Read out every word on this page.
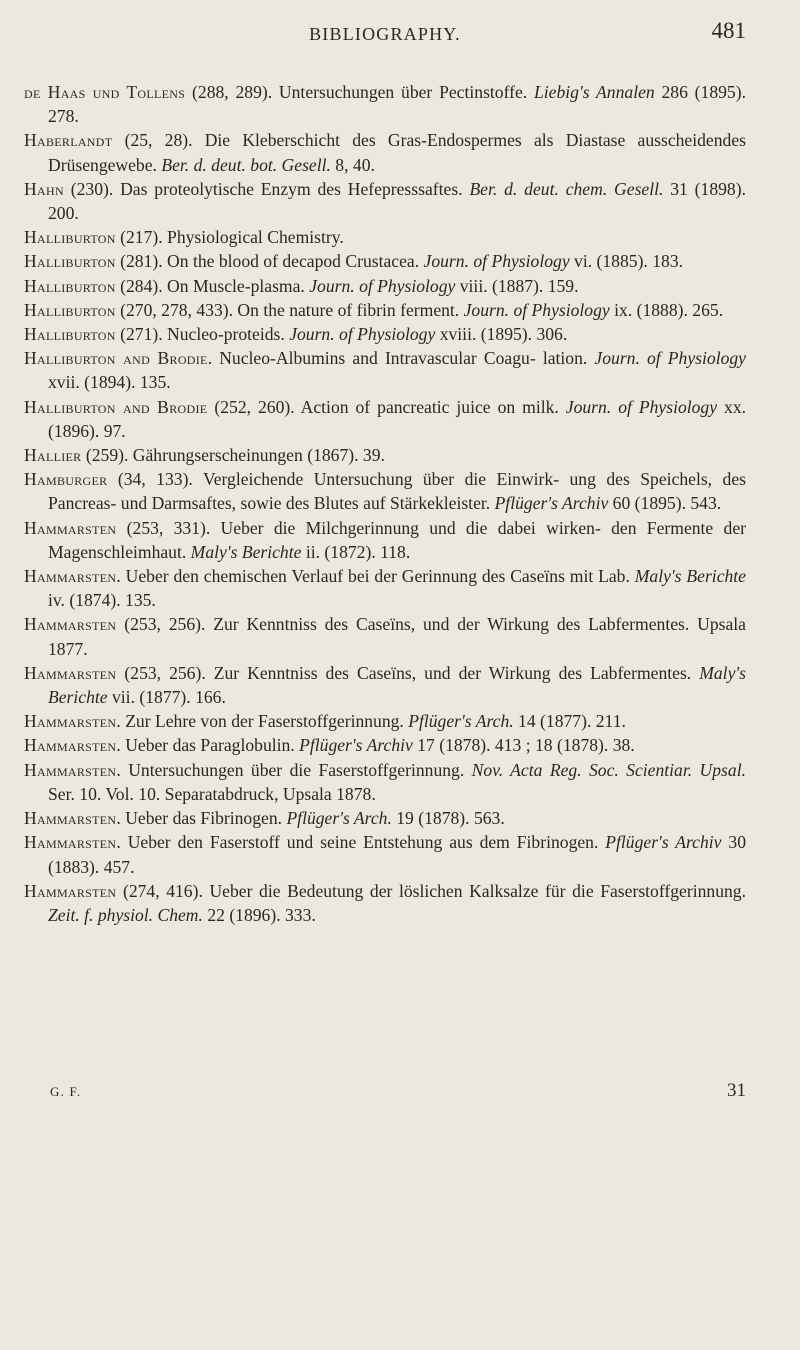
BIBLIOGRAPHY.	481

de Haas und Tollens (288, 289). Untersuchungen über Pectinstoffe. Liebig's Annalen 286 (1895). 278.

Haberlandt (25, 28). Die Kleberschicht des Gras-Endospermes als Diastase ausscheidendes Drüsengewebe. Ber. d. deut. bot. Gesell. 8, 40.

Hahn (230). Das proteolytische Enzym des Hefepresssaftes. Ber. d. deut. chem. Gesell. 31 (1898). 200.

Halliburton (217). Physiological Chemistry.

Halliburton (281). On the blood of decapod Crustacea. Journ. of Physiology vi. (1885). 183.

Halliburton (284). On Muscle-plasma. Journ. of Physiology viii. (1887). 159.

Halliburton (270, 278, 433). On the nature of fibrin ferment. Journ. of Physiology ix. (1888). 265.

Halliburton (271). Nucleo-proteids. Journ. of Physiology xviii. (1895). 306.

Halliburton and Brodie. Nucleo-Albumins and Intravascular Coagu- lation. Journ. of Physiology xvii. (1894). 135.

Halliburton and Brodie (252, 260). Action of pancreatic juice on milk. Journ. of Physiology xx. (1896). 97.

Hallier (259). Gährungserscheinungen (1867). 39.

Hamburger (34, 133). Vergleichende Untersuchung über die Einwirk- ung des Speichels, des Pancreas- und Darmsaftes, sowie des Blutes auf Stärkekleister. Pflüger's Archiv 60 (1895). 543.

Hammarsten (253, 331). Ueber die Milchgerinnung und die dabei wirken- den Fermente der Magenschleimhaut. Maly's Berichte ii. (1872). 118.

Hammarsten. Ueber den chemischen Verlauf bei der Gerinnung des Caseïns mit Lab. Maly's Berichte iv. (1874). 135.

Hammarsten (253, 256). Zur Kenntniss des Caseïns, und der Wirkung des Labfermentes. Upsala 1877.

Hammarsten (253, 256). Zur Kenntniss des Caseïns, und der Wirkung des Labfermentes. Maly's Berichte vii. (1877). 166.

Hammarsten. Zur Lehre von der Faserstoffgerinnung. Pflüger's Arch. 14 (1877). 211.

Hammarsten. Ueber das Paraglobulin. Pflüger's Archiv 17 (1878). 413 ; 18 (1878). 38.

Hammarsten. Untersuchungen über die Faserstoffgerinnung. Nov. Acta Reg. Soc. Scientiar. Upsal. Ser. 10. Vol. 10. Separatabdruck, Upsala 1878.

Hammarsten. Ueber das Fibrinogen. Pflüger's Arch. 19 (1878). 563.

Hammarsten. Ueber den Faserstoff und seine Entstehung aus dem Fibrinogen. Pflüger's Archiv 30 (1883). 457.

Hammarsten (274, 416). Ueber die Bedeutung der löslichen Kalksalze für die Faserstoffgerinnung. Zeit. f. physiol. Chem. 22 (1896). 333.

G. F.	31
